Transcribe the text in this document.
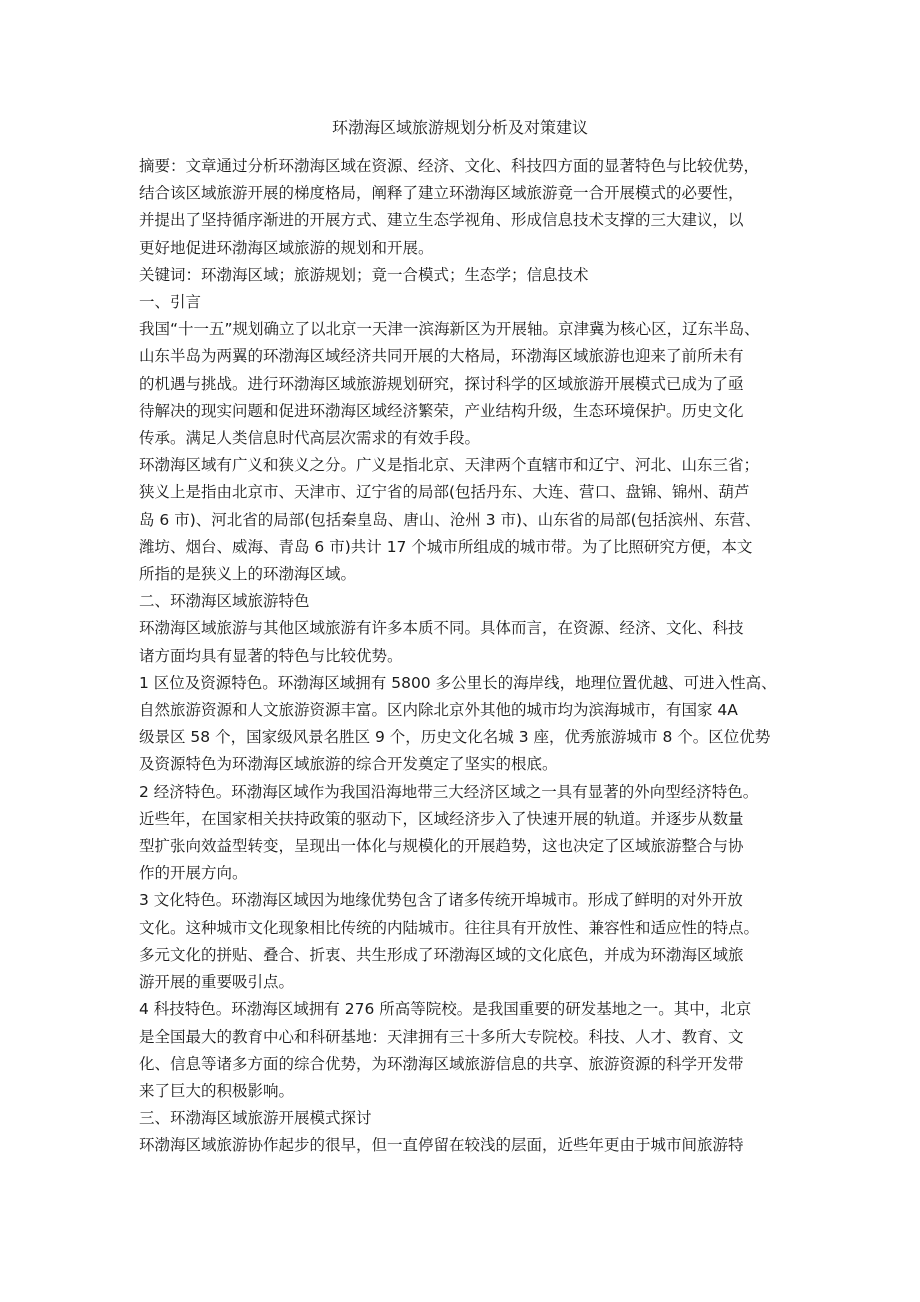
环渤海区域旅游规划分析及对策建议
摘要：文章通过分析环渤海区域在资源、经济、文化、科技四方面的显著特色与比较优势，
结合该区域旅游开展的梯度格局，阐释了建立环渤海区域旅游竟一合开展模式的必要性，
并提出了坚持循序渐进的开展方式、建立生态学视角、形成信息技术支撑的三大建议，以
更好地促进环渤海区域旅游的规划和开展。
关键词：环渤海区域；旅游规划；竟一合模式；生态学；信息技术
一、引言
我国“十一五”规划确立了以北京一天津一滨海新区为开展轴。京津冀为核心区，辽东半岛、
山东半岛为两翼的环渤海区域经济共同开展的大格局，环渤海区域旅游也迎来了前所未有
的机遇与挑战。进行环渤海区域旅游规划研究，探讨科学的区域旅游开展模式已成为了亟
待解决的现实问题和促进环渤海区域经济繁荣，产业结构升级，生态环境保护。历史文化
传承。满足人类信息时代高层次需求的有效手段。
环渤海区域有广义和狭义之分。广义是指北京、天津两个直辖市和辽宁、河北、山东三省；
狭义上是指由北京市、天津市、辽宁省的局部(包括丹东、大连、营口、盘锦、锦州、葫芦
岛 6 市)、河北省的局部(包括秦皇岛、唐山、沧州 3 市)、山东省的局部(包括滨州、东营、
潍坊、烟台、威海、青岛 6 市)共计 17 个城市所组成的城市带。为了比照研究方便，本文
所指的是狭义上的环渤海区域。
二、环渤海区域旅游特色
环渤海区域旅游与其他区域旅游有许多本质不同。具体而言，在资源、经济、文化、科技
诸方面均具有显著的特色与比较优势。
1 区位及资源特色。环渤海区域拥有 5800 多公里长的海岸线，地理位置优越、可进入性高、
自然旅游资源和人文旅游资源丰富。区内除北京外其他的城市均为滨海城市，有国家 4A
级景区 58 个，国家级风景名胜区 9 个，历史文化名城 3 座，优秀旅游城市 8 个。区位优势
及资源特色为环渤海区域旅游的综合开发奠定了坚实的根底。
2 经济特色。环渤海区域作为我国沿海地带三大经济区域之一具有显著的外向型经济特色。
近些年，在国家相关扶持政策的驱动下，区域经济步入了快速开展的轨道。并逐步从数量
型扩张向效益型转变，呈现出一体化与规模化的开展趋势，这也决定了区域旅游整合与协
作的开展方向。
3 文化特色。环渤海区域因为地缘优势包含了诸多传统开埠城市。形成了鲜明的对外开放
文化。这种城市文化现象相比传统的内陆城市。往往具有开放性、兼容性和适应性的特点。
多元文化的拼贴、叠合、折衷、共生形成了环渤海区域的文化底色，并成为环渤海区域旅
游开展的重要吸引点。
4 科技特色。环渤海区域拥有 276 所高等院校。是我国重要的研发基地之一。其中，北京
是全国最大的教育中心和科研基地：天津拥有三十多所大专院校。科技、人才、教育、文
化、信息等诸多方面的综合优势，为环渤海区域旅游信息的共享、旅游资源的科学开发带
来了巨大的积极影响。
三、环渤海区域旅游开展模式探讨
环渤海区域旅游协作起步的很早，但一直停留在较浅的层面，近些年更由于城市间旅游特
